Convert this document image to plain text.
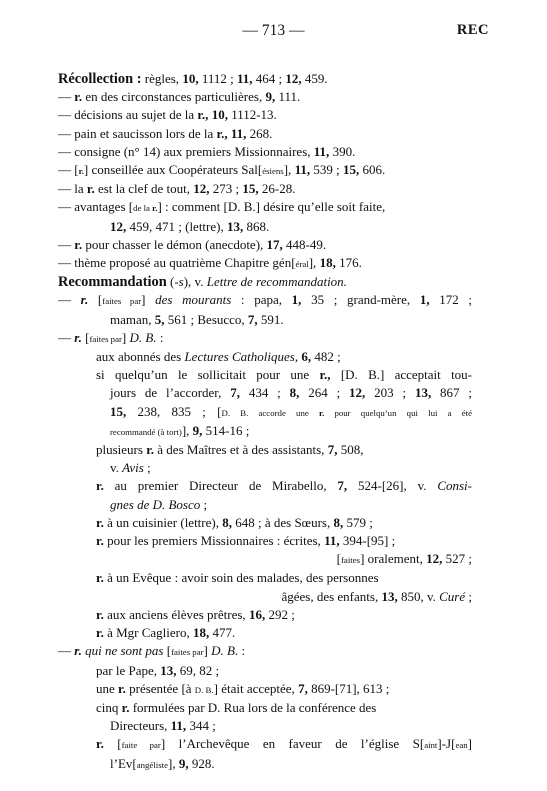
— 713 —	REC
Récollection : règles, 10, 1112 ; 11, 464 ; 12, 459.
— r. en des circonstances particulières, 9, 111.
— décisions au sujet de la r., 10, 1112-13.
— pain et saucisson lors de la r., 11, 268.
— consigne (n° 14) aux premiers Missionnaires, 11, 390.
— [r.] conseillée aux Coopérateurs Sal[ésiens], 11, 539 ; 15, 606.
— la r. est la clef de tout, 12, 273 ; 15, 26-28.
— avantages [de la r.] : comment [D. B.] désire qu’elle soit faite,
12, 459, 471 ; (lettre), 13, 868.
— r. pour chasser le démon (anecdote), 17, 448-49.
— thème proposé au quatrième Chapitre gén[éral], 18, 176.
Recommandation (-s), v. Lettre de recommandation.
— r. [faites par] des mourants : papa, 1, 35 ; grand-mère, 1, 172 ;
maman, 5, 561 ; Besucco, 7, 591.
— r. [faites par] D. B. :
aux abonnés des Lectures Catholiques, 6, 482 ;
si quelqu’un le sollicitait pour une r., [D. B.] acceptait tou-
jours de l’accorder, 7, 434 ; 8, 264 ; 12, 203 ; 13, 867 ;
15, 238, 835 ; [D. B. accorde une r. pour quelqu’un qui lui a été
recommandé (à tort)], 9, 514-16 ;
plusieurs r. à des Maîtres et à des assistants, 7, 508,
v. Avis ;
r. au premier Directeur de Mirabello, 7, 524-[26], v. Consi-
gnes de D. Bosco ;
r. à un cuisinier (lettre), 8, 648 ; à des Sœurs, 8, 579 ;
r. pour les premiers Missionnaires : écrites, 11, 394-[95] ;
[faites] oralement, 12, 527 ;
r. à un Evêque : avoir soin des malades, des personnes
âgées, des enfants, 13, 850, v. Curé ;
r. aux anciens élèves prêtres, 16, 292 ;
r. à Mgr Cagliero, 18, 477.
— r. qui ne sont pas [faites par] D. B. :
par le Pape, 13, 69, 82 ;
une r. présentée [à D. B.] était acceptée, 7, 869-[71], 613 ;
cinq r. formulées par D. Rua lors de la conférence des
Directeurs, 11, 344 ;
r. [faite par] l’Archevêque en faveur de l’église S[aint]-J[ean]
l’Ev[angéliste], 9, 928.
